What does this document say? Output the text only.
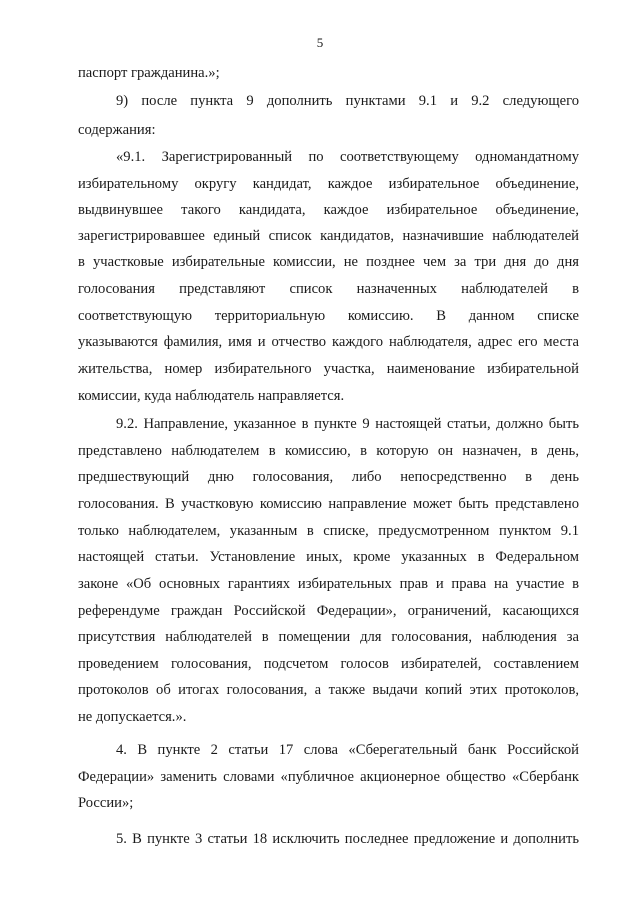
5
паспорт гражданина.»;
9) после пункта 9 дополнить пунктами 9.1 и 9.2 следующего
содержания:
«9.1. Зарегистрированный по соответствующему одномандатному
избирательному округу кандидат, каждое избирательное объединение,
выдвинувшее такого кандидата, каждое избирательное объединение,
зарегистрировавшее единый список кандидатов, назначившие наблюдателей
в участковые избирательные комиссии, не позднее чем за три дня до дня
голосования представляют список назначенных наблюдателей в
соответствующую территориальную комиссию. В данном списке
указываются фамилия, имя и отчество каждого наблюдателя, адрес его места
жительства, номер избирательного участка, наименование избирательной
комиссии, куда наблюдатель направляется.
9.2. Направление, указанное в пункте 9 настоящей статьи, должно быть
представлено наблюдателем в комиссию, в которую он назначен, в день,
предшествующий дню голосования, либо непосредственно в день
голосования. В участковую комиссию направление может быть представлено
только наблюдателем, указанным в списке, предусмотренном пунктом 9.1
настоящей статьи. Установление иных, кроме указанных в Федеральном
законе «Об основных гарантиях избирательных прав и права на участие в
референдуме граждан Российской Федерации», ограничений, касающихся
присутствия наблюдателей в помещении для голосования, наблюдения за
проведением голосования, подсчетом голосов избирателей, составлением
протоколов об итогах голосования, а также выдачи копий этих протоколов,
не допускается.».
4. В пункте 2 статьи 17 слова «Сберегательный банк Российской
Федерации» заменить словами «публичное акционерное общество «Сбербанк
России»;
5. В пункте 3 статьи 18 исключить последнее предложение и дополнить
